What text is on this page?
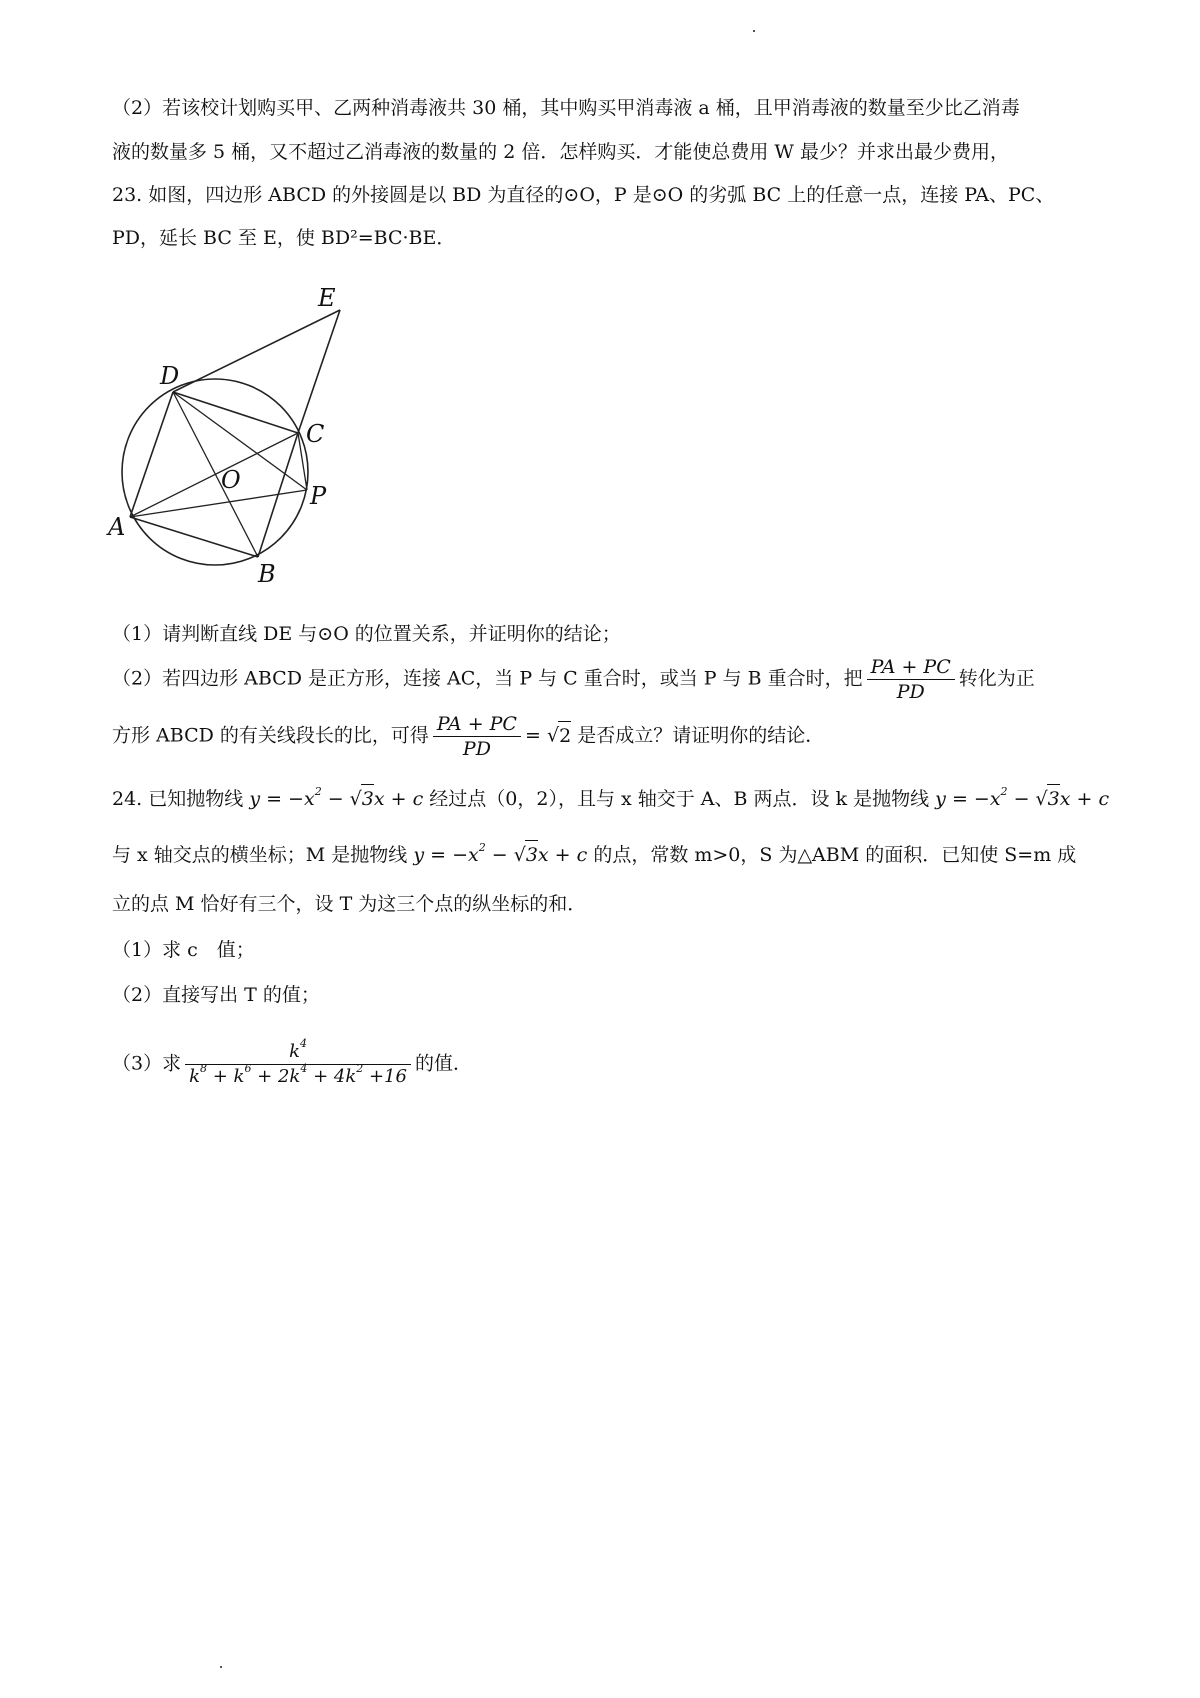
（2）若该校计划购买甲、乙两种消毒液共 30 桶，其中购买甲消毒液 a 桶，且甲消毒液的数量至少比乙消毒
液的数量多 5 桶，又不超过乙消毒液的数量的 2 倍．怎样购买．才能使总费用 W 最少？并求出最少费用，
23. 如图，四边形 ABCD 的外接圆是以 BD 为直径的⊙O，P 是⊙O 的劣弧 BC 上的任意一点，连接 PA、PC、
PD，延长 BC 至 E，使 BD²=BC·BE．
A
B
C
D
E
O
P
（1）请判断直线 DE 与⊙O 的位置关系，并证明你的结论；
（2）若四边形 ABCD 是正方形，连接 AC，当 P 与 C 重合时，或当 P 与 B 重合时，把 $\frac{PA + PC}{PD}$ 转化为正
方形 ABCD 的有关线段长的比，可得 $\frac{PA + PC}{PD} = √2$ 是否成立？请证明你的结论．
24. 已知抛物线 $y = -x^2 - √3x + c$ 经过点（0，2），且与 x 轴交于 A、B 两点．设 k 是抛物线 $y = -x^2 - √3x + c$
与 x 轴交点的横坐标；M 是抛物线 $y = -x^2 - √3x + c$ 的点，常数 m>0，S 为△ABM 的面积．已知使 S=m 成
立的点 M 恰好有三个，设 T 为这三个点的纵坐标的和．
（1）求 c　值；
（2）直接写出 T 的值；
（3）求 $\frac{k^4}{k^8 + k^6 + 2k^4 + 4k^2 +16}$ 的值．
